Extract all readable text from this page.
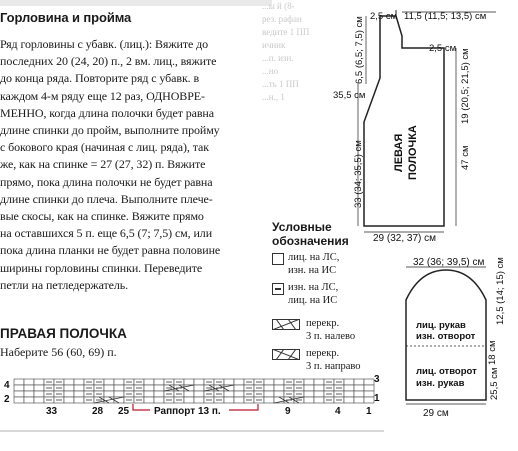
...ы й (8-
рез. рафан
ведите 1 ПП
ичник
...п. изн.
...но
...ть 1 ПП
...н., 1
Горловина и пройма
Ряд горловины с убавк. (лиц.): Вяжите до
последних 20 (24, 20) п., 2 вм. лиц., вяжите
до конца ряда. Повторите ряд с убавк. в
каждом 4-м ряду еще 12 раз, ОДНОВРЕ-
МЕННО, когда длина полочки будет равна
длине спинки до пройм, выполните пройму
с бокового края (начиная с лиц. ряда), так
же, как на спинке = 27 (27, 32) п. Вяжите
прямо, пока длина полочки не будет равна
длине спинки до плеча. Выполните плече-
вые скосы, как на спинке. Вяжите прямо
на оставшихся 5 п. еще 6,5 (7; 7,5) см, или
пока длина планки не будет равна половине
ширины горловины спинки. Переведите
петли на петледержатель.
ПРАВАЯ ПОЛОЧКА

Наберите 56 (60, 69) п.

2,5 см 11,5 (11,5; 13,5) см
2,5 см
6,5 (6,5; 7,5) см	19 (20,5; 21,5) см
35,5 см
47 см
33 (34; 35,5) см
29 (32, 37) см
ЛЕВАЯ ПОЛОЧКА
32 (36; 39,5) см 12,5 (14; 15) см
18 см
25,5 см
29 см
лиц. рукав
изн. отворот
лиц. отворот
изн. рукав

Условные
обозначения

лиц. на ЛС,
изн. на ИС
изн. на ЛС,
лиц. на ИС
перекр.
3 п. налево
перекр.
3 п. направо
4
2
3
1
33	28 25 Раппорт 13 п.	9	4	1
